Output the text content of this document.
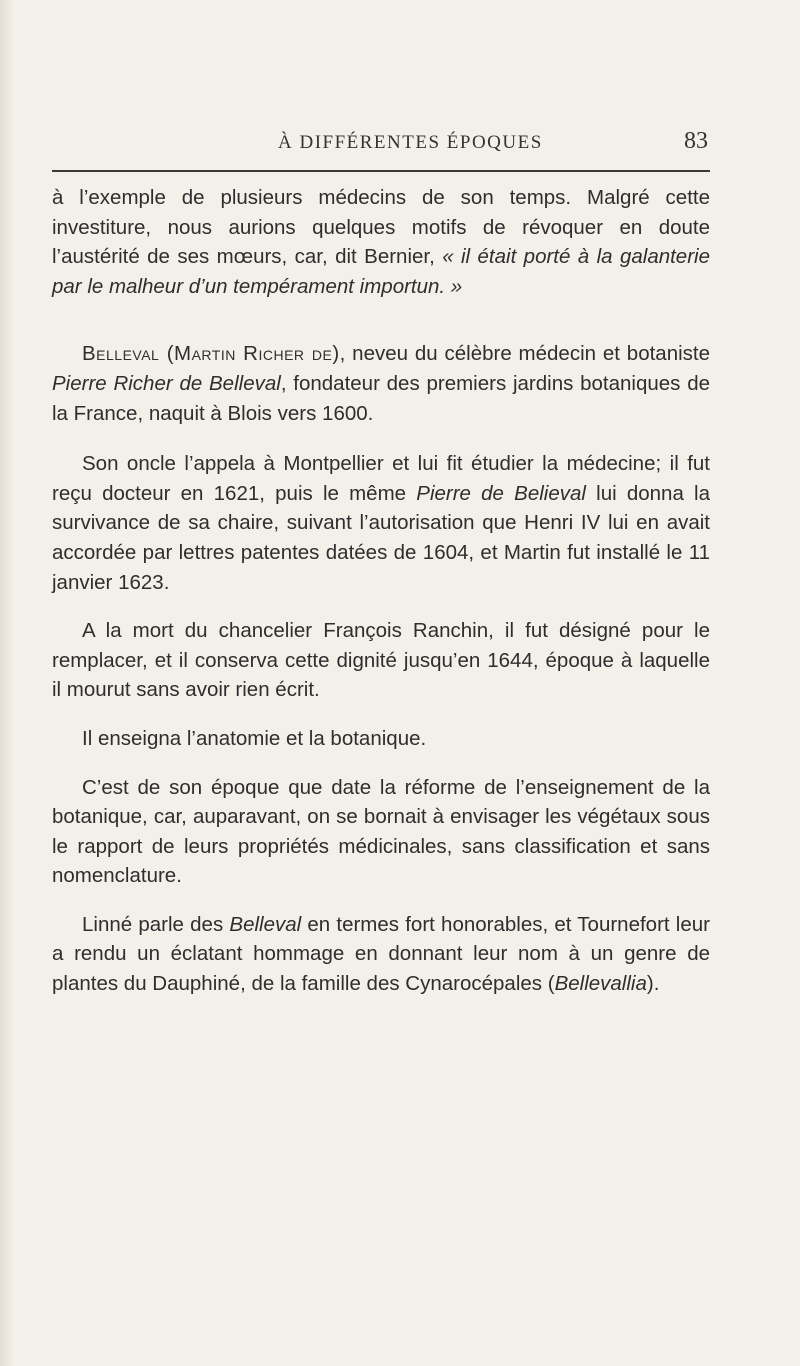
À DIFFÉRENTES ÉPOQUES	83

à l’exemple de plusieurs médecins de son temps. Malgré cette investiture, nous aurions quelques motifs de révoquer en doute l’austérité de ses mœurs, car, dit Bernier, « il était porté à la galanterie par le malheur d’un tempérament importun. »

Belleval (Martin Richer de), neveu du célèbre médecin et botaniste Pierre Richer de Belleval, fondateur des premiers jardins botaniques de la France, naquit à Blois vers 1600.

Son oncle l’appela à Montpellier et lui fit étudier la médecine; il fut reçu docteur en 1621, puis le même Pierre de Believal lui donna la survivance de sa chaire, suivant l’autorisation que Henri IV lui en avait accordée par lettres patentes datées de 1604, et Martin fut installé le 11 janvier 1623.

A la mort du chancelier François Ranchin, il fut désigné pour le remplacer, et il conserva cette dignité jusqu’en 1644, époque à laquelle il mourut sans avoir rien écrit.

Il enseigna l’anatomie et la botanique.

C’est de son époque que date la réforme de l’enseignement de la botanique, car, auparavant, on se bornait à envisager les végétaux sous le rapport de leurs propriétés médicinales, sans classification et sans nomenclature.

Linné parle des Belleval en termes fort honorables, et Tournefort leur a rendu un éclatant hommage en donnant leur nom à un genre de plantes du Dauphiné, de la famille des Cynarocépales (Bellevallia).
